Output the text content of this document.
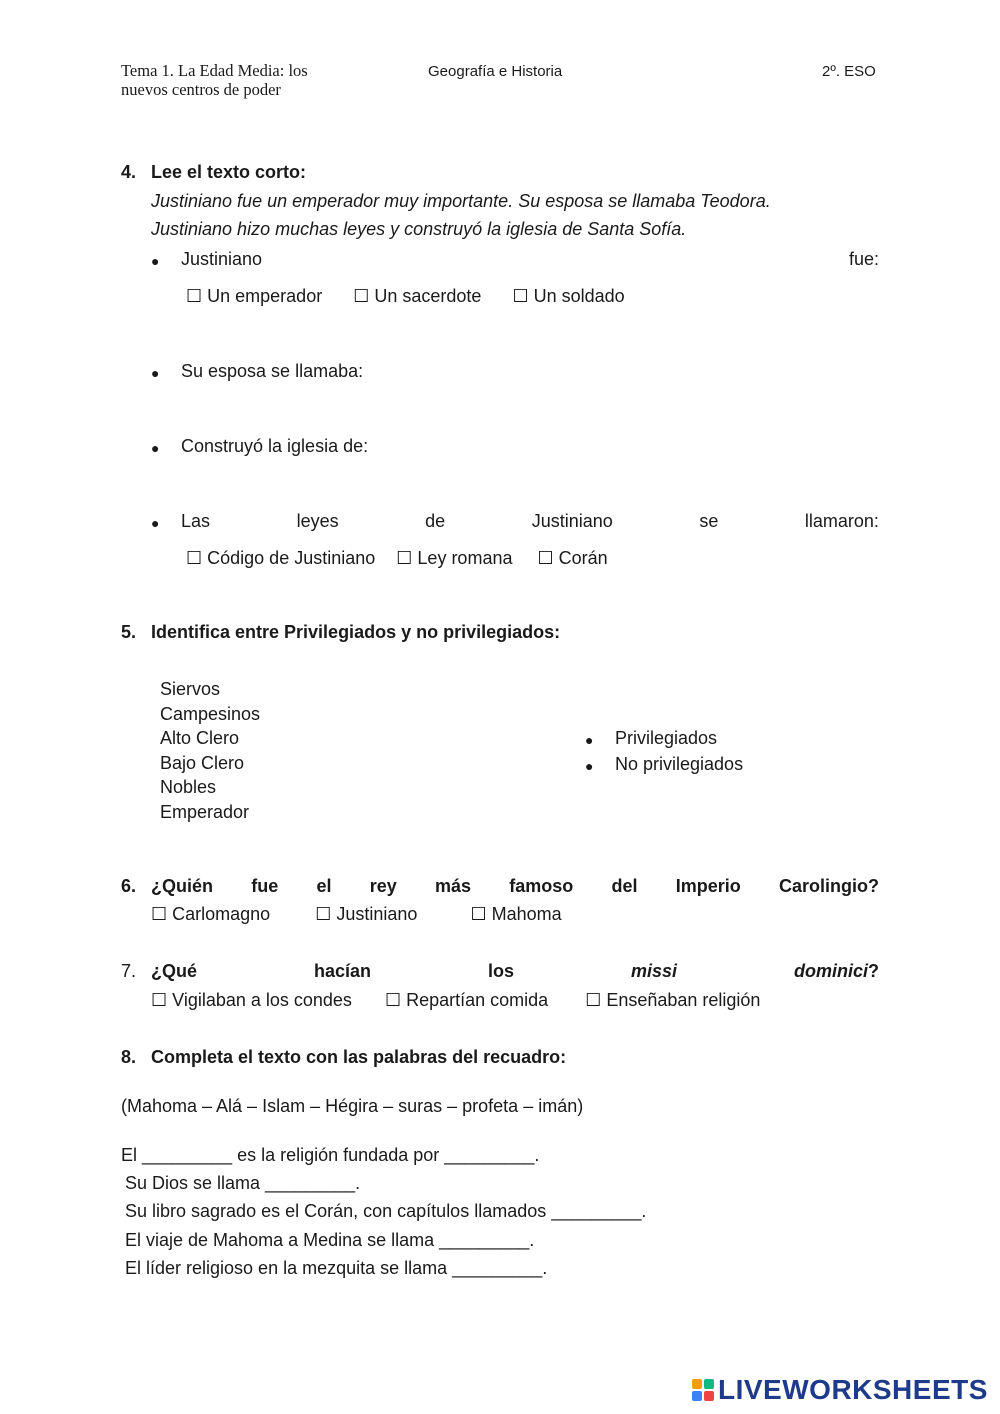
Tema 1. La Edad Media: los
nuevos centros de poder
Geografía e Historia	2º. ESO
4. Lee el texto corto:
Justiniano fue un emperador muy importante. Su esposa se llamaba Teodora.
Justiniano hizo muchas leyes y construyó la iglesia de Santa Sofía.
● Justiniano	fue:
☐ Un emperador ☐ Un sacerdote ☐ Un soldado
● Su esposa se llamaba:
● Construyó la iglesia de:
● Las	leyes	de	Justiniano	se	llamaron:
☐ Código de Justiniano ☐ Ley romana ☐ Corán
5. Identifica entre Privilegiados y no privilegiados:
Siervos
Campesinos
Alto Clero
Bajo Clero
Nobles
Emperador
● Privilegiados
● No privilegiados
6. ¿Quién fue el rey más famoso del Imperio Carolingio?
☐ Carlomagno	☐ Justiniano	☐ Mahoma
7. ¿Qué	hacían	los	missi	dominici?
☐ Vigilaban a los condes ☐ Repartían comida ☐ Enseñaban religión
8. Completa el texto con las palabras del recuadro:
(Mahoma – Alá – Islam – Hégira – suras – profeta – imán)
El _________ es la religión fundada por _________.
Su Dios se llama _________.
Su libro sagrado es el Corán, con capítulos llamados _________.
El viaje de Mahoma a Medina se llama _________.
El líder religioso en la mezquita se llama _________.
LIVEWORKSHEETS
